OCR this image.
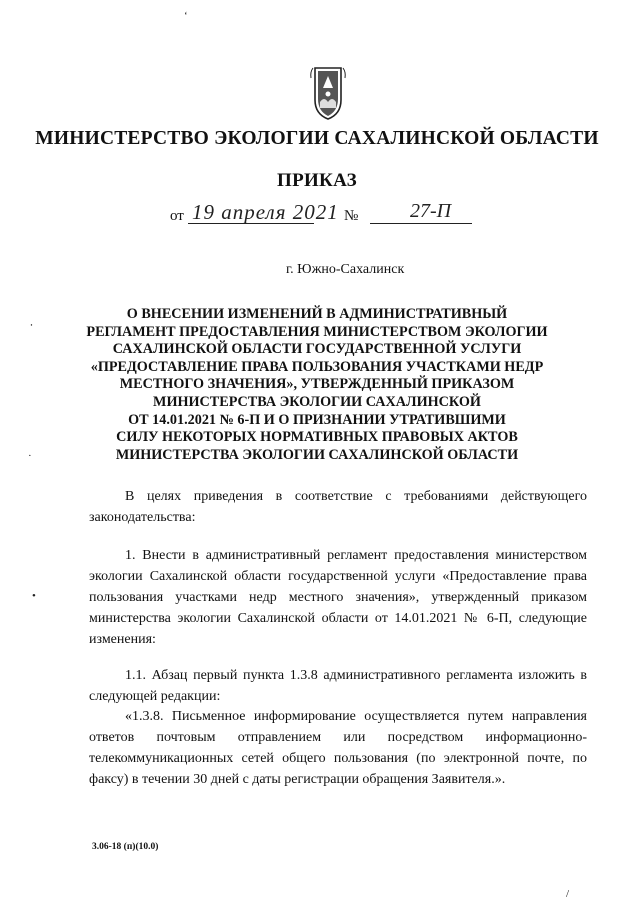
МИНИСТЕРСТВО ЭКОЛОГИИ САХАЛИНСКОЙ ОБЛАСТИ
ПРИКАЗ
от 19 апреля 2021 №	27-П
г. Южно-Сахалинск
О ВНЕСЕНИИ ИЗМЕНЕНИЙ В АДМИНИСТРАТИВНЫЙ
РЕГЛАМЕНТ ПРЕДОСТАВЛЕНИЯ МИНИСТЕРСТВОМ ЭКОЛОГИИ
САХАЛИНСКОЙ ОБЛАСТИ ГОСУДАРСТВЕННОЙ УСЛУГИ
«ПРЕДОСТАВЛЕНИЕ ПРАВА ПОЛЬЗОВАНИЯ УЧАСТКАМИ НЕДР
МЕСТНОГО ЗНАЧЕНИЯ», УТВЕРЖДЕННЫЙ ПРИКАЗОМ
МИНИСТЕРСТВА ЭКОЛОГИИ САХАЛИНСКОЙ
ОТ 14.01.2021 № 6-П И О ПРИЗНАНИИ УТРАТИВШИМИ
СИЛУ НЕКОТОРЫХ НОРМАТИВНЫХ ПРАВОВЫХ АКТОВ
МИНИСТЕРСТВА ЭКОЛОГИИ САХАЛИНСКОЙ ОБЛАСТИ
В целях приведения в соответствие с требованиями действующего законодательства:
1. Внести в административный регламент предоставления министерством экологии Сахалинской области государственной услуги «Предоставление права пользования участками недр местного значения», утвержденный приказом министерства экологии Сахалинской области от 14.01.2021 № 6-П, следующие изменения:
1.1. Абзац первый пункта 1.3.8 административного регламента изложить в следующей редакции:
«1.3.8. Письменное информирование осуществляется путем направления ответов почтовым отправлением или посредством информационно-телекоммуникационных сетей общего пользования (по электронной почте, по факсу) в течении 30 дней с даты регистрации обращения Заявителя.».
3.06-18 (п)(10.0)
‘
⸱
·
•
/
